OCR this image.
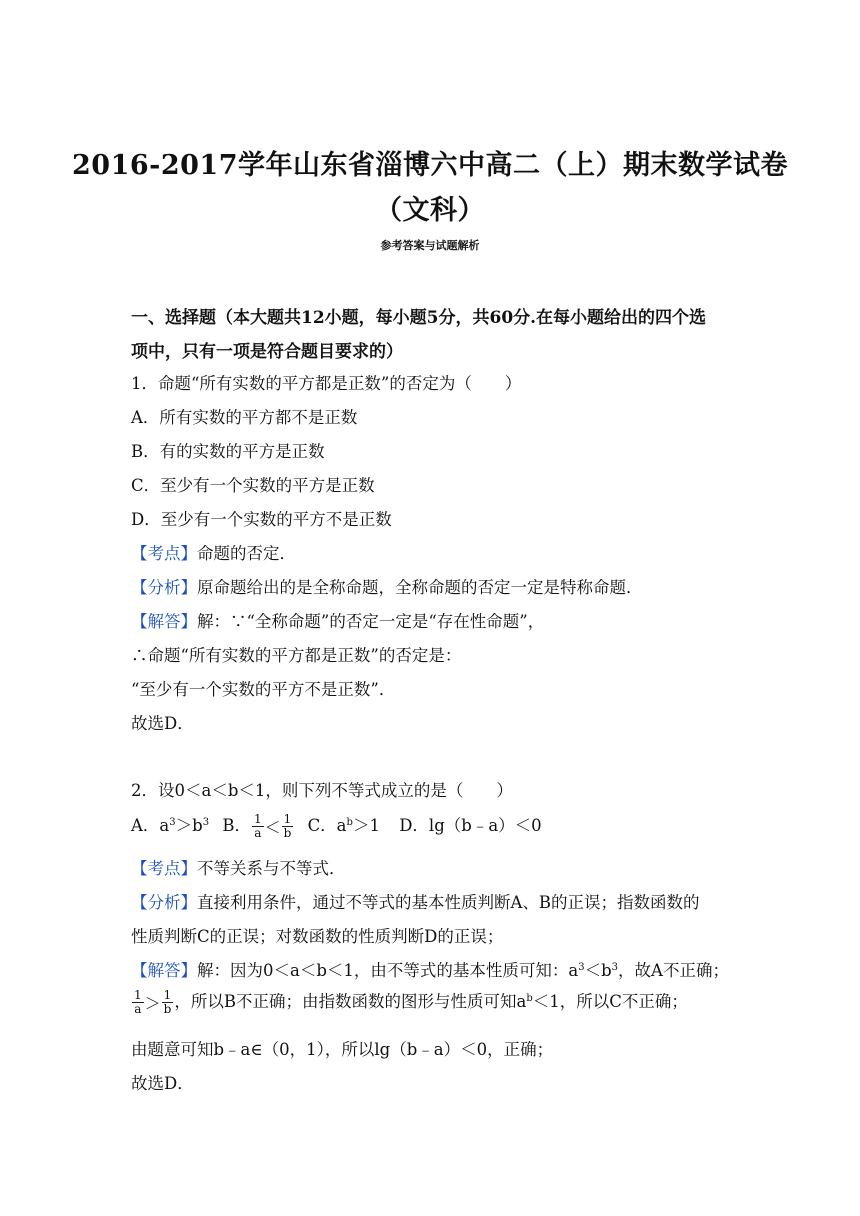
2016-2017学年山东省淄博六中高二（上）期末数学试卷
（文科）
参考答案与试题解析
一、选择题（本大题共12小题，每小题5分，共60分.在每小题给出的四个选
项中，只有一项是符合题目要求的）
1．命题“所有实数的平方都是正数”的否定为（　　）
A．所有实数的平方都不是正数
B．有的实数的平方是正数
C．至少有一个实数的平方是正数
D．至少有一个实数的平方不是正数
【考点】命题的否定．
【分析】原命题给出的是全称命题，全称命题的否定一定是特称命题．
【解答】解：∵“全称命题”的否定一定是“存在性命题”，
∴命题“所有实数的平方都是正数”的否定是：
“至少有一个实数的平方不是正数”．
故选D．
2．设0＜a＜b＜1，则下列不等式成立的是（　　）
A．$a^3>b^3$ B． $\frac{1}{a} < \frac{1}{b}$ C．$a^b>1$ D．lg（b﹣a）＜0
【考点】不等关系与不等式．
【分析】直接利用条件，通过不等式的基本性质判断A、B的正误；指数函数的
性质判断C的正误；对数函数的性质判断D的正误；
【解答】解：因为0＜a＜b＜1，由不等式的基本性质可知：$a^3<b^3$，故A不正确；
$\frac{1}{a} > \frac{1}{b}$ ，所以B不正确；由指数函数的图形与性质可知$a^b<1$，所以C不正确；
由题意可知b﹣a∈（0，1），所以lg（b﹣a）＜0，正确；
故选D．
